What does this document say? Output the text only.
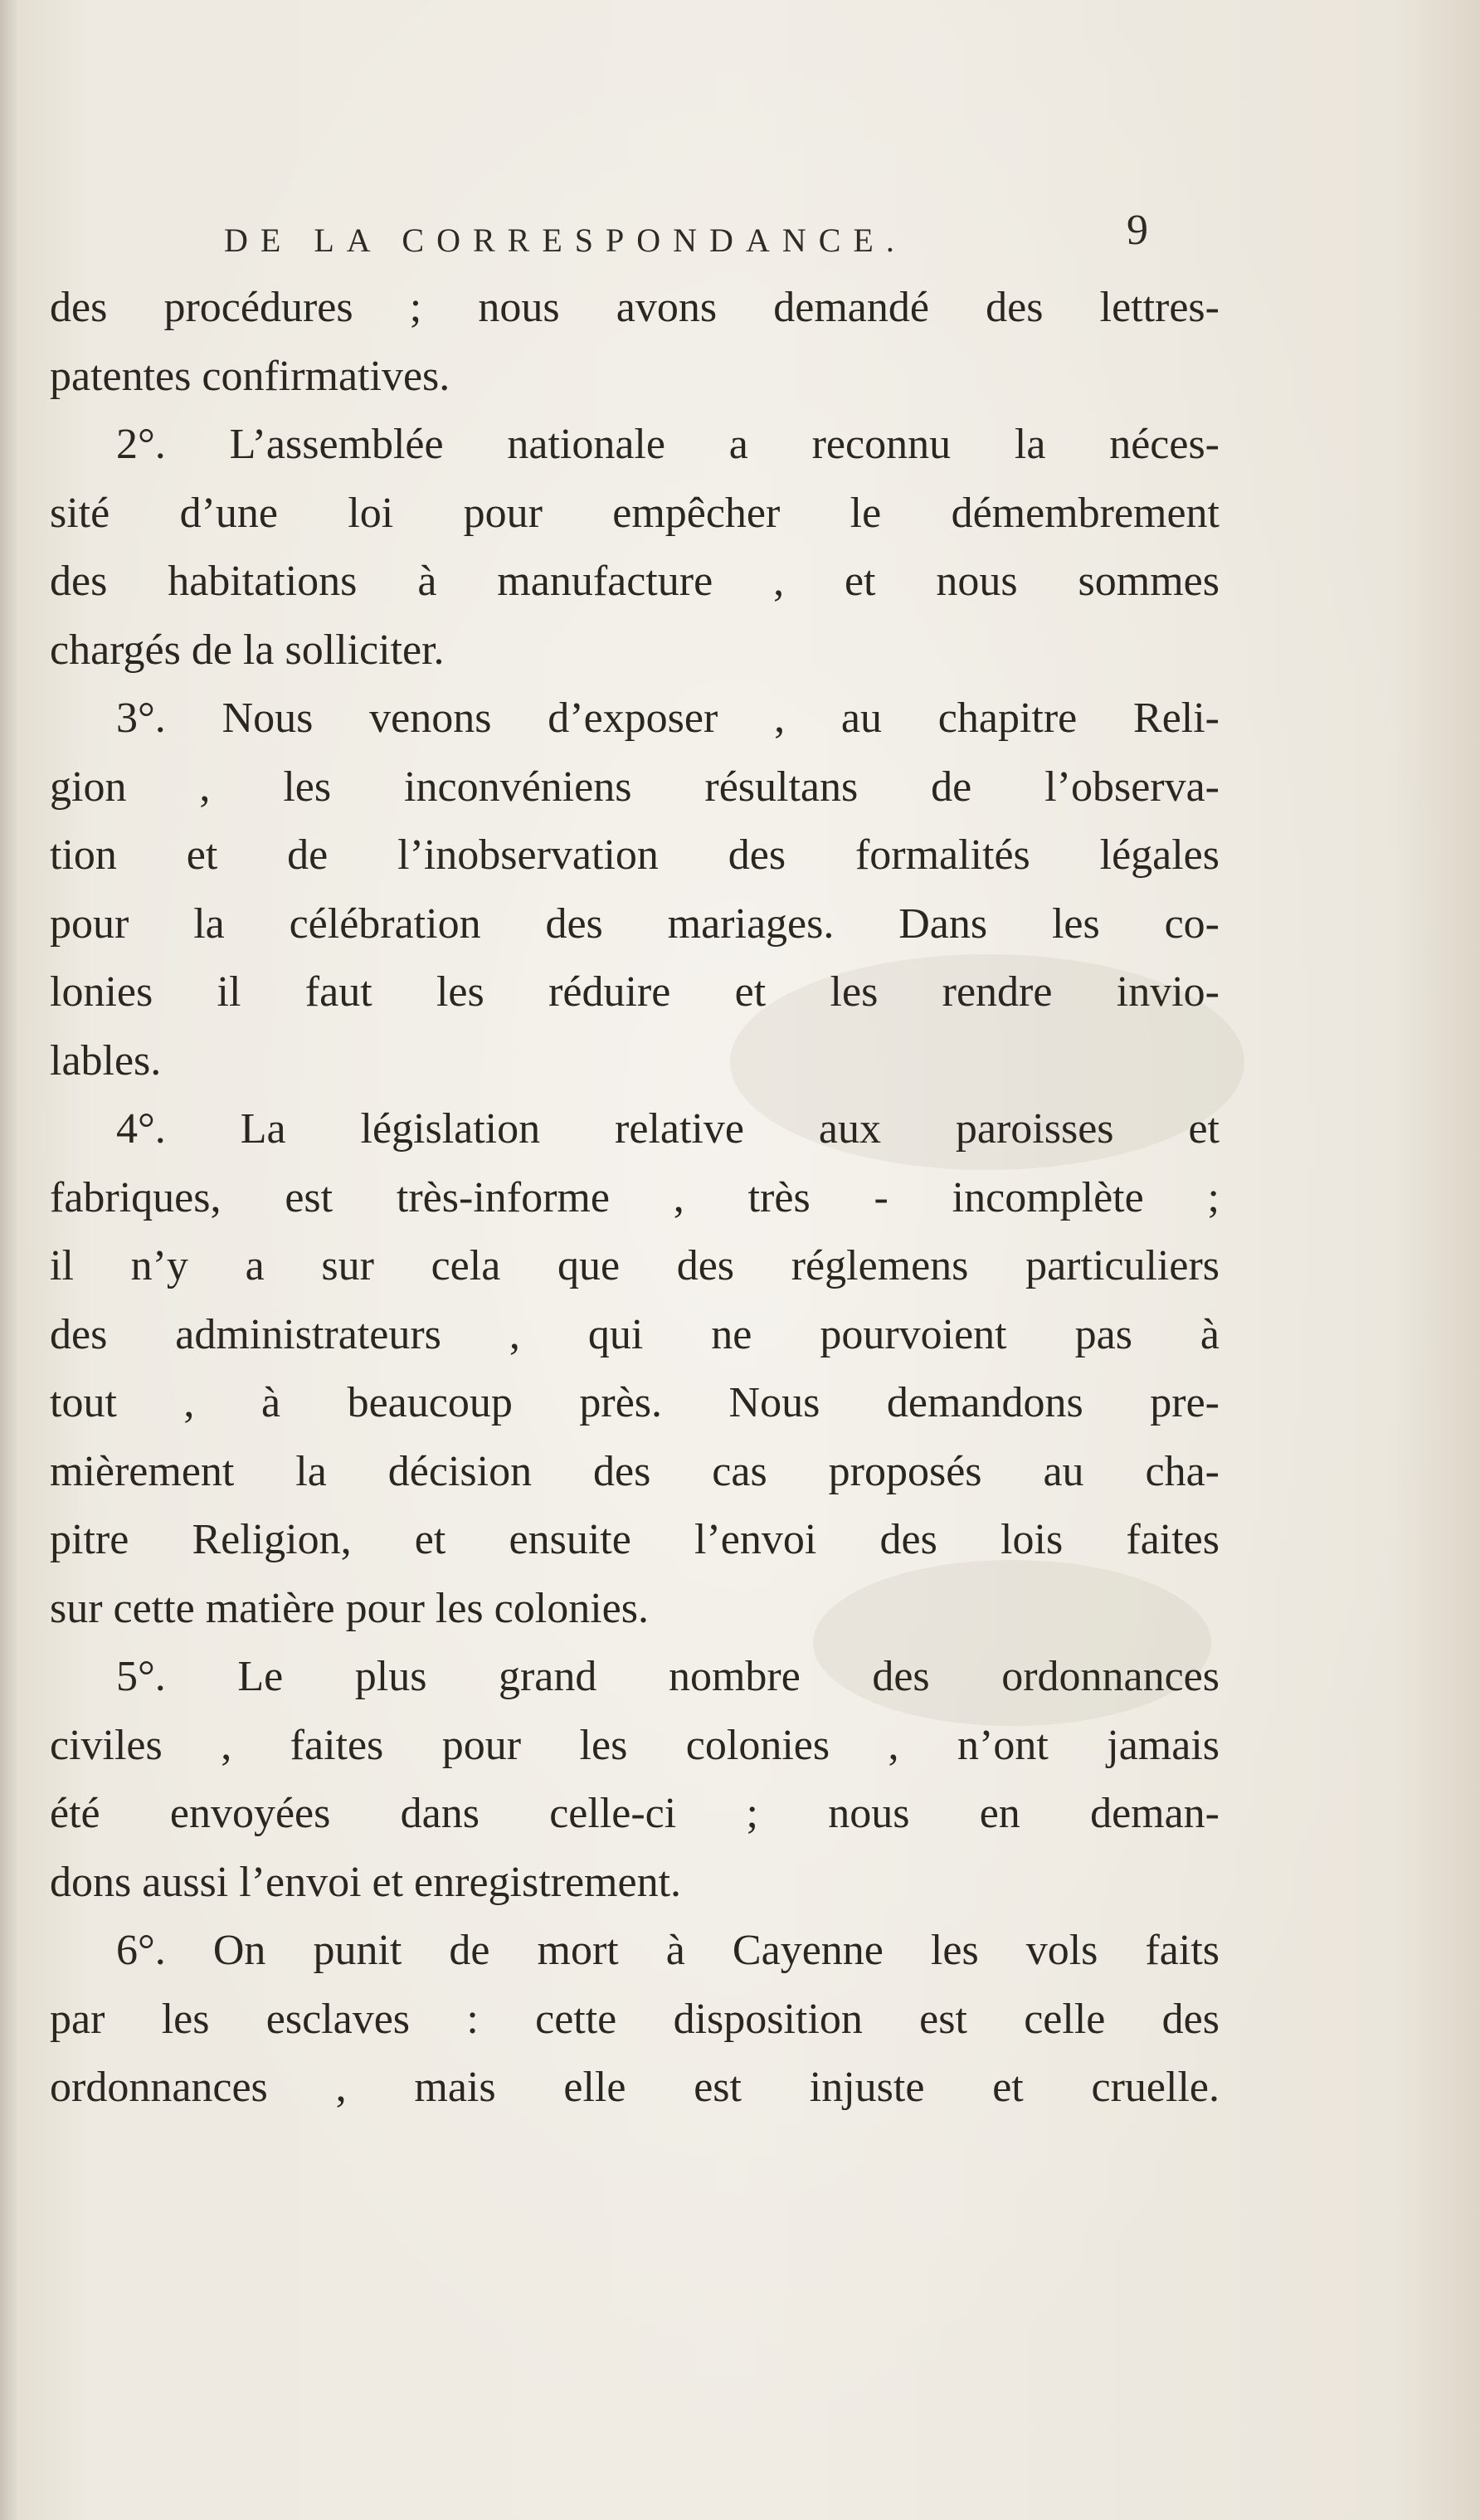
DE LA CORRESPONDANCE.	9
des procédures ; nous avons demandé des lettres-
patentes confirmatives.
2°. L’assemblée nationale a reconnu la néces-
sité d’une loi pour empêcher le démembrement
des habitations à manufacture , et nous sommes
chargés de la solliciter.
3°. Nous venons d’exposer , au chapitre Reli-
gion , les inconvéniens résultans de l’observa-
tion et de l’inobservation des formalités légales
pour la célébration des mariages. Dans les co-
lonies il faut les réduire et les rendre invio-
lables.
4°. La législation relative aux paroisses et
fabriques, est très-informe , très - incomplète ;
il n’y a sur cela que des réglemens particuliers
des administrateurs , qui ne pourvoient pas à
tout , à beaucoup près. Nous demandons pre-
mièrement la décision des cas proposés au cha-
pitre Religion, et ensuite l’envoi des lois faites
sur cette matière pour les colonies.
5°. Le plus grand nombre des ordonnances
civiles , faites pour les colonies , n’ont jamais
été envoyées dans celle-ci ; nous en deman-
dons aussi l’envoi et enregistrement.
6°. On punit de mort à Cayenne les vols faits
par les esclaves : cette disposition est celle des
ordonnances , mais elle est injuste et cruelle.
